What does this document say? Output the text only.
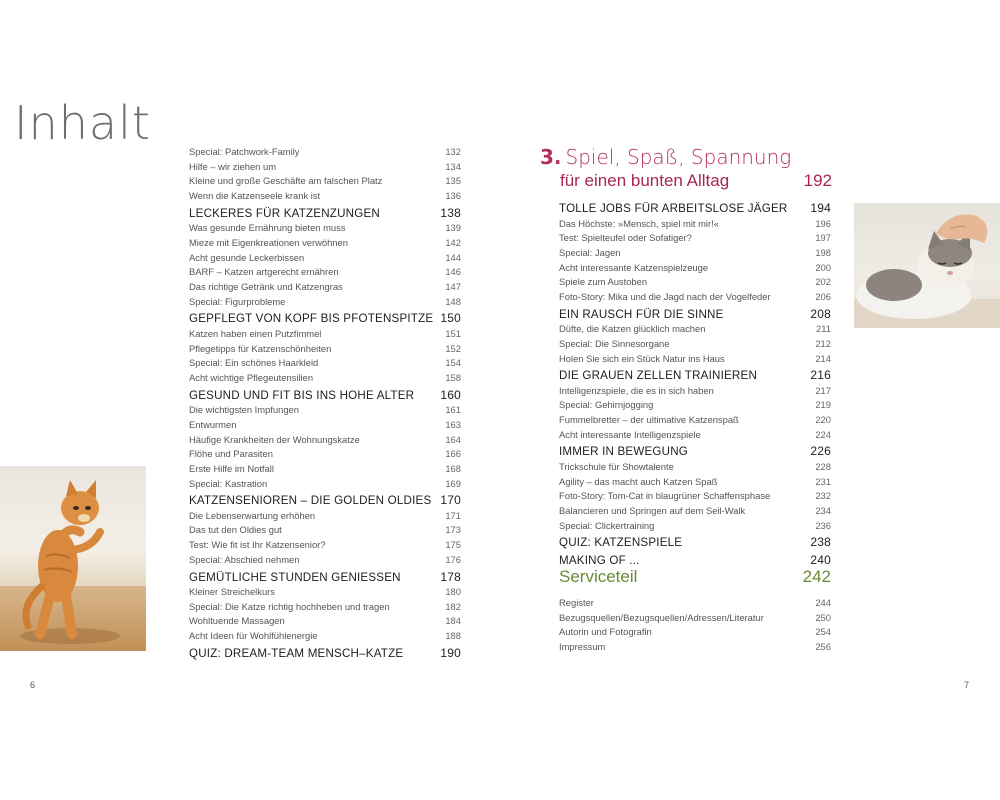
Inhalt
Special: Patchwork-Family	132
Hilfe – wir ziehen um	134
Kleine und große Geschäfte am falschen Platz	135
Wenn die Katzenseele krank ist	136
LECKERES FÜR KATZENZUNGEN	138
Was gesunde Ernährung bieten muss	139
Mieze mit Eigenkreationen verwöhnen	142
Acht gesunde Leckerbissen	144
BARF – Katzen artgerecht ernähren	146
Das richtige Getränk und Katzengras	147
Special: Figurprobleme	148
GEPFLEGT VON KOPF BIS PFOTENSPITZE 150
Katzen haben einen Putzfimmel	151
Pflegetipps für Katzenschönheiten	152
Special: Ein schönes Haarkleid	154
Acht wichtige Pflegeutensilien	158
GESUND UND FIT BIS INS HOHE ALTER	160
Die wichtigsten Impfungen	161
Entwurmen	163
Häufige Krankheiten der Wohnungskatze	164
Flöhe und Parasiten	166
Erste Hilfe im Notfall	168
Special: Kastration	169
KATZENSENIOREN – DIE GOLDEN OLDIES 170
Die Lebenserwartung erhöhen	171
Das tut den Oldies gut	173
Test: Wie fit ist Ihr Katzensenior?	175
Special: Abschied nehmen	176
GEMÜTLICHE STUNDEN GENIESSEN	178
Kleiner Streichelkurs	180
Special: Die Katze richtig hochheben und tragen	182
Wohltuende Massagen	184
Acht Ideen für Wohlfühlenergie	188
QUIZ: DREAM-TEAM MENSCH–KATZE	190
3. Spiel, Spaß, Spannung
für einen bunten Alltag	192
TOLLE JOBS FÜR ARBEITSLOSE JÄGER	194
Das Höchste: »Mensch, spiel mit mir!«	196
Test: Spielteufel oder Sofatiger?	197
Special: Jagen	198
Acht interessante Katzenspielzeuge	200
Spiele zum Austoben	202
Foto-Story: Mika und die Jagd nach der Vogelfeder	206
EIN RAUSCH FÜR DIE SINNE	208
Düfte, die Katzen glücklich machen	211
Special: Die Sinnesorgane	212
Holen Sie sich ein Stück Natur ins Haus	214
DIE GRAUEN ZELLEN TRAINIEREN	216
Intelligenzspiele, die es in sich haben	217
Special: Gehirnjogging	219
Fummelbretter – der ultimative Katzenspaß	220
Acht interessante Intelligenzspiele	224
IMMER IN BEWEGUNG	226
Trickschule für Showtalente	228
Agility – das macht auch Katzen Spaß	231
Foto-Story: Tom-Cat in blaugrüner Schaffensphase	232
Balancieren und Springen auf dem Seil-Walk	234
Special: Clickertraining	236
QUIZ: KATZENSPIELE	238
MAKING OF ...	240
Serviceteil	242
Register	244
Bezugsquellen/Bezugsquellen/Adressen/Literatur	250
Autorin und Fotografin	254
Impressum	256
6	7
